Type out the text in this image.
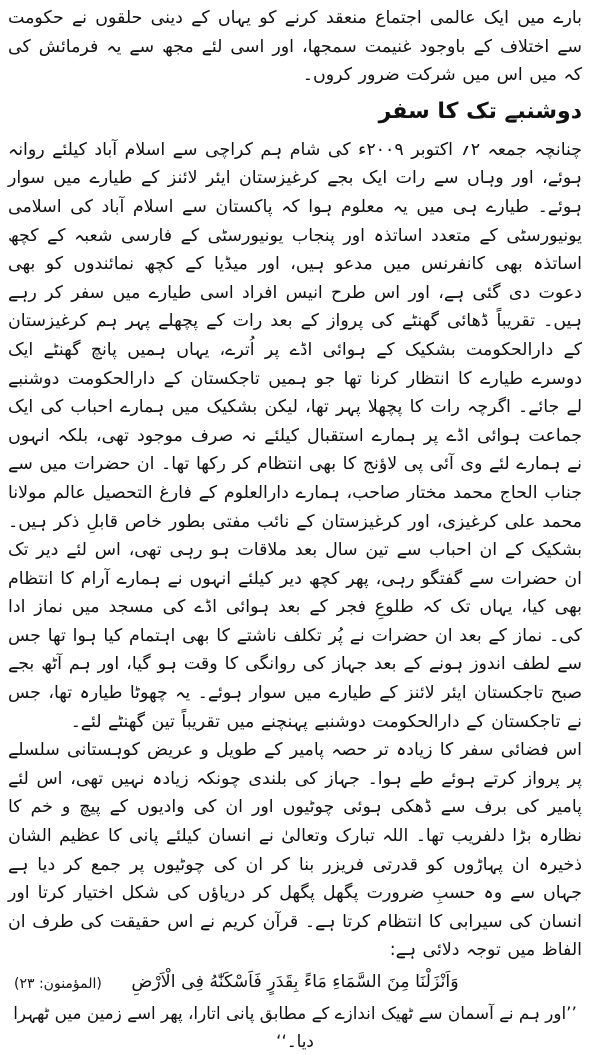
بارے میں ایک عالمی اجتماع منعقد کرنے کو یہاں کے دینی حلقوں نے حکومت سے اختلاف کے باوجود غنیمت سمجھا، اور اسی لئے مجھ سے یہ فرمائش کی کہ میں اس میں شرکت ضرور کروں۔

دوشنبے تک کا سفر

چنانچہ جمعہ ۲؍ اکتوبر ۲۰۰۹ء کی شام ہم کراچی سے اسلام آباد کیلئے روانہ ہوئے، اور وہاں سے رات ایک بجے کرغیزستان ایئر لائنز کے طیارے میں سوار ہوئے۔ طیارے ہی میں یہ معلوم ہوا کہ پاکستان سے اسلام آباد کی اسلامی یونیورسٹی کے متعدد اساتذہ اور پنجاب یونیورسٹی کے فارسی شعبہ کے کچھ اساتذہ بھی کانفرنس میں مدعو ہیں، اور میڈیا کے کچھ نمائندوں کو بھی دعوت دی گئی ہے، اور اس طرح انیس افراد اسی طیارے میں سفر کر رہے ہیں۔ تقریباً ڈھائی گھنٹے کی پرواز کے بعد رات کے پچھلے پہر ہم کرغیزستان کے دارالحکومت بشکیک کے ہوائی اڈے پر اُترے، یہاں ہمیں پانچ گھنٹے ایک دوسرے طیارے کا انتظار کرنا تھا جو ہمیں تاجکستان کے دارالحکومت دوشنبے لے جائے۔ اگرچہ رات کا پچھلا پہر تھا، لیکن بشکیک میں ہمارے احباب کی ایک جماعت ہوائی اڈے پر ہمارے استقبال کیلئے نہ صرف موجود تھی، بلکہ انہوں نے ہمارے لئے وی آئی پی لاؤنج کا بھی انتظام کر رکھا تھا۔ ان حضرات میں سے جناب الحاج محمد مختار صاحب، ہمارے دارالعلوم کے فارغ التحصیل عالم مولانا محمد علی کرغیزی، اور کرغیزستان کے نائب مفتی بطور خاص قابلِ ذکر ہیں۔ بشکیک کے ان احباب سے تین سال بعد ملاقات ہو رہی تھی، اس لئے دیر تک ان حضرات سے گفتگو رہی، پھر کچھ دیر کیلئے انہوں نے ہمارے آرام کا انتظام بھی کیا، یہاں تک کہ طلوعِ فجر کے بعد ہوائی اڈے کی مسجد میں نماز ادا کی۔ نماز کے بعد ان حضرات نے پُر تکلف ناشتے کا بھی اہتمام کیا ہوا تھا جس سے لطف اندوز ہونے کے بعد جہاز کی روانگی کا وقت ہو گیا، اور ہم آٹھ بجے صبح تاجکستان ایئر لائنز کے طیارے میں سوار ہوئے۔ یہ چھوٹا طیارہ تھا، جس نے تاجکستان کے دارالحکومت دوشنبے پہنچنے میں تقریباً تین گھنٹے لئے۔

اس فضائی سفر کا زیادہ تر حصہ پامیر کے طویل و عریض کوہستانی سلسلے پر پرواز کرتے ہوئے طے ہوا۔ جہاز کی بلندی چونکہ زیادہ نہیں تھی، اس لئے پامیر کی برف سے ڈھکی ہوئی چوٹیوں اور ان کی وادیوں کے پیچ و خم کا نظارہ بڑا دلفریب تھا۔ اللہ تبارک وتعالیٰ نے انسان کیلئے پانی کا عظیم الشان ذخیرہ ان پہاڑوں کو قدرتی فریزر بنا کر ان کی چوٹیوں پر جمع کر دیا ہے جہاں سے وہ حسبِ ضرورت پگھل پگھل کر دریاؤں کی شکل اختیار کرتا اور انسان کی سیرابی کا انتظام کرتا ہے۔ قرآن کریم نے اس حقیقت کی طرف ان الفاظ میں توجہ دلائی ہے:

وَاَنْزَلْنَا مِنَ السَّمَاءِ مَاءً بِقَدَرٍ فَاَسْكَنّٰهُ فِی الْاَرْضِ
(المؤمنون: ۲۳)

’’اور ہم نے آسمان سے ٹھیک اندازے کے مطابق پانی اتارا، پھر اسے زمین میں ٹھہرا دیا۔‘‘
